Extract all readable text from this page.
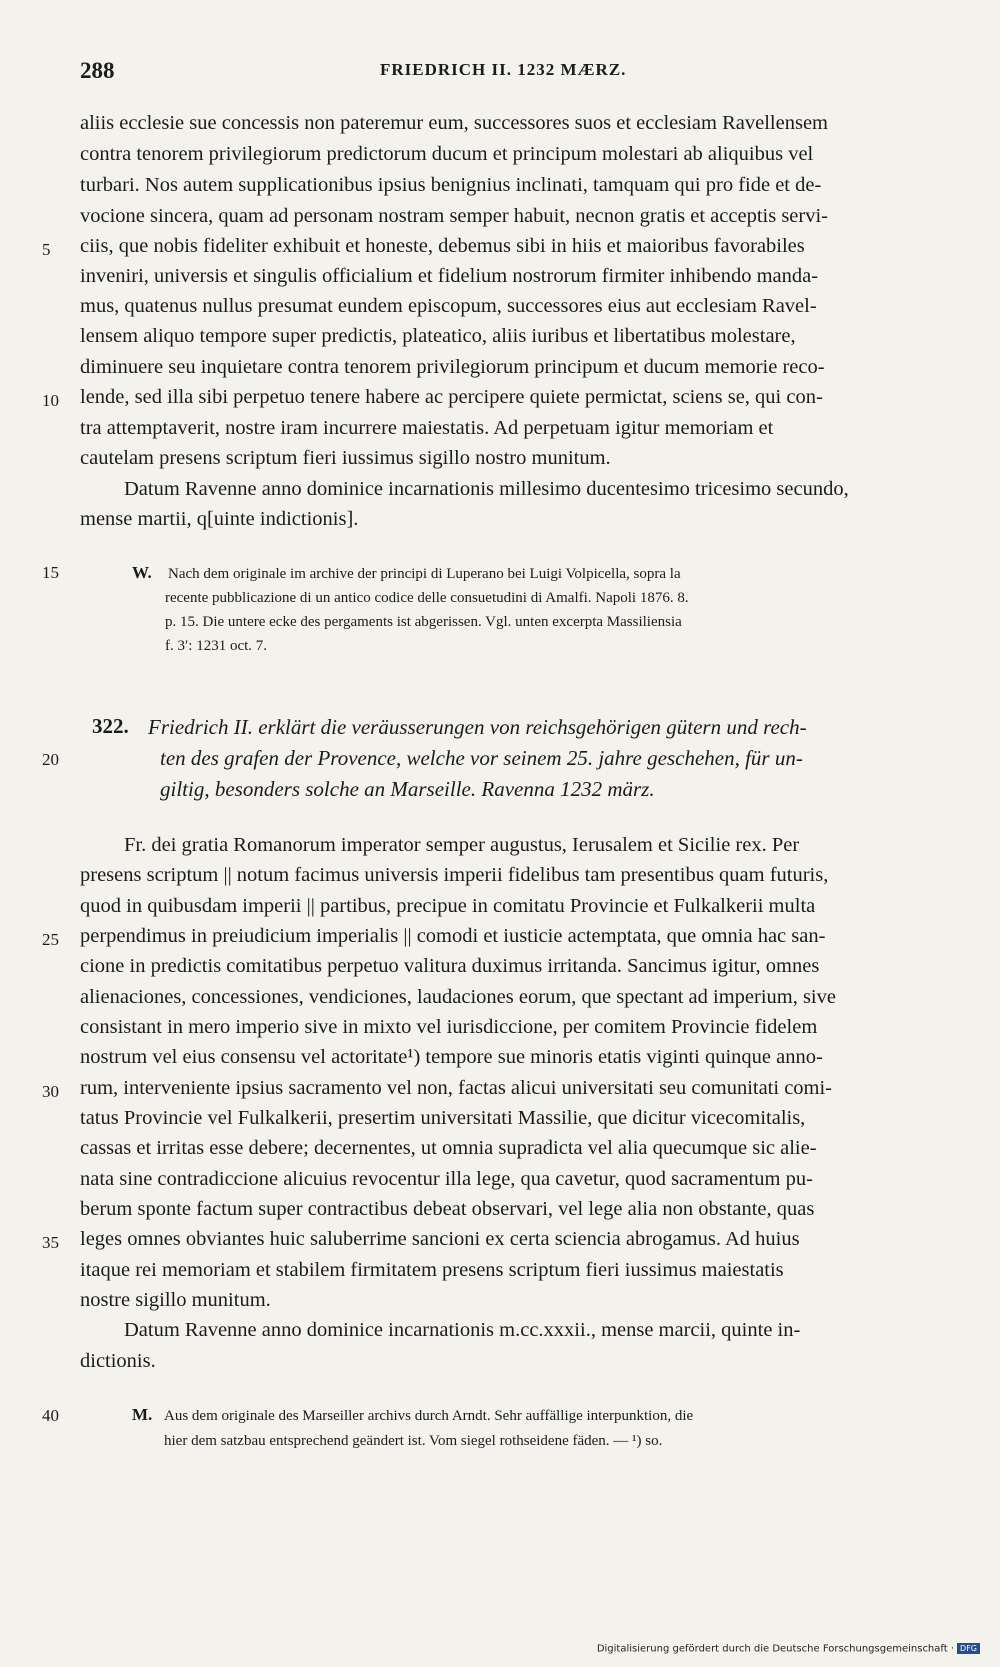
288	FRIEDRICH II. 1232 MÆRZ.
aliis ecclesie sue concessis non pateremur eum, successores suos et ecclesiam Ravellensem
contra tenorem privilegiorum predictorum ducum et principum molestari ab aliquibus vel
turbari. Nos autem supplicationibus ipsius benignius inclinati, tamquam qui pro fide et de-
vocione sincera, quam ad personam nostram semper habuit, necnon gratis et acceptis servi-
ciis, que nobis fideliter exhibuit et honeste, debemus sibi in hiis et maioribus favorabiles
inveniri, universis et singulis officialium et fidelium nostrorum firmiter inhibendo manda-
mus, quatenus nullus presumat eundem episcopum, successores eius aut ecclesiam Ravel-
lensem aliquo tempore super predictis, plateatico, aliis iuribus et libertatibus molestare,
diminuere seu inquietare contra tenorem privilegiorum principum et ducum memorie reco-
lende, sed illa sibi perpetuo tenere habere ac percipere quiete permictat, sciens se, qui con-
tra attemptaverit, nostre iram incurrere maiestatis. Ad perpetuam igitur memoriam et
cautelam presens scriptum fieri iussimus sigillo nostro munitum.
Datum Ravenne anno dominice incarnationis millesimo ducentesimo tricesimo secundo,
mense martii, q[uinte indictionis].
W.	Nach dem originale im archive der principi di Luperano bei Luigi Volpicella, sopra la
recente pubblicazione di un antico codice delle consuetudini di Amalfi. Napoli 1876. 8.
p. 15. Die untere ecke des pergaments ist abgerissen. Vgl. unten excerpta Massiliensia
f. 3′: 1231 oct. 7.
322. Friedrich II. erklärt die veräusserungen von reichsgehörigen gütern und rech-
ten des grafen der Provence, welche vor seinem 25. jahre geschehen, für un-
giltig, besonders solche an Marseille. Ravenna 1232 märz.
Fr. dei gratia Romanorum imperator semper augustus, Ierusalem et Sicilie rex. Per
presens scriptum || notum facimus universis imperii fidelibus tam presentibus quam futuris,
quod in quibusdam imperii || partibus, precipue in comitatu Provincie et Fulkalkerii multa
perpendimus in preiudicium imperialis || comodi et iusticie actemptata, que omnia hac san-
cione in predictis comitatibus perpetuo valitura duximus irritanda. Sancimus igitur, omnes
alienaciones, concessiones, vendiciones, laudaciones eorum, que spectant ad imperium, sive
consistant in mero imperio sive in mixto vel iurisdiccione, per comitem Provincie fidelem
nostrum vel eius consensu vel actoritate¹) tempore sue minoris etatis viginti quinque anno-
rum, interveniente ipsius sacramento vel non, factas alicui universitati seu comunitati comi-
tatus Provincie vel Fulkalkerii, presertim universitati Massilie, que dicitur vicecomitalis,
cassas et irritas esse debere; decernentes, ut omnia supradicta vel alia quecumque sic alie-
nata sine contradiccione alicuius revocentur illa lege, qua cavetur, quod sacramentum pu-
berum sponte factum super contractibus debeat observari, vel lege alia non obstante, quas
leges omnes obviantes huic saluberrime sancioni ex certa sciencia abrogamus. Ad huius
itaque rei memoriam et stabilem firmitatem presens scriptum fieri iussimus maiestatis
nostre sigillo munitum.
Datum Ravenne anno dominice incarnationis m.cc.xxxii., mense marcii, quinte in-
dictionis.
M. Aus dem originale des Marseiller archivs durch Arndt. Sehr auffällige interpunktion, die
hier dem satzbau entsprechend geändert ist. Vom siegel rothseidene fäden. — ¹) so.
5
10
15
20
25
30
35
40
Digitalisierung gefördert durch die Deutsche Forschungsgemeinschaft · DFG
